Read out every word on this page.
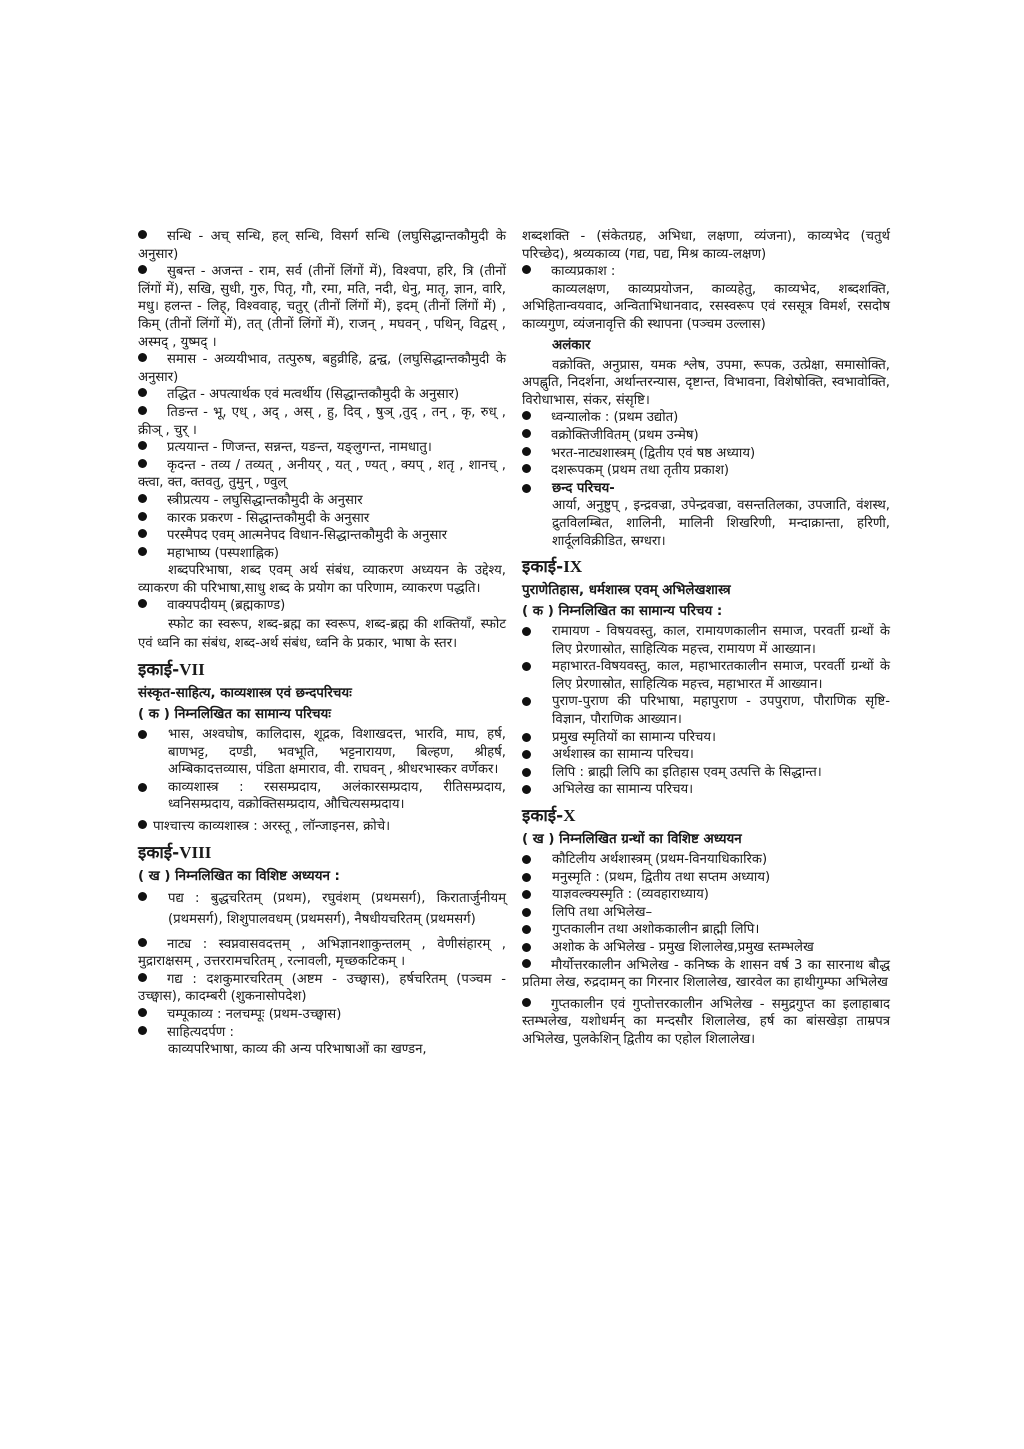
सन्धि - अच् सन्धि, हल् सन्धि, विसर्ग सन्धि (लघुसिद्धान्तकौमुदी के अनुसार)

सुबन्त - अजन्त - राम, सर्व (तीनों लिंगों में), विश्वपा, हरि, त्रि (तीनों लिंगों में), सखि, सुधी, गुरु, पितृ, गौ, रमा, मति, नदी, धेनु, मातृ, ज्ञान, वारि, मधु। हलन्त - लिह्, विश्ववाह्, चतुर् (तीनों लिंगों में), इदम् (तीनों लिंगों में) , किम् (तीनों लिंगों में), तत् (तीनों लिंगों में), राजन् , मघवन् , पथिन्, विद्वस् , अस्मद् , युष्मद् ।

समास - अव्ययीभाव, तत्पुरुष, बहुव्रीहि, द्वन्द्व, (लघुसिद्धान्तकौमुदी के अनुसार)

तद्धित - अपत्यार्थक एवं मत्वर्थीय (सिद्धान्तकौमुदी के अनुसार)

तिङन्त - भू, एध् , अद् , अस् , हु, दिव् , षुञ् ,तुद् , तन् , कृ, रुध् , क्रीञ् , चुर् ।

प्रत्ययान्त - णिजन्त, सन्नन्त, यङन्त, यङ्लुगन्त, नामधातु।

कृदन्त - तव्य / तव्यत् , अनीयर् , यत् , ण्यत् , क्यप् , शतृ , शानच् , क्त्वा, क्त, क्तवतु, तुमुन् , ण्वुल्

स्त्रीप्रत्यय - लघुसिद्धान्तकौमुदी के अनुसार

कारक प्रकरण - सिद्धान्तकौमुदी के अनुसार

परस्मैपद एवम् आत्मनेपद विधान-सिद्धान्तकौमुदी के अनुसार

महाभाष्य (पस्पशाह्निक)

शब्दपरिभाषा, शब्द एवम् अर्थ संबंध, व्याकरण अध्ययन के उद्देश्य, व्याकरण की परिभाषा,साधु शब्द के प्रयोग का परिणाम, व्याकरण पद्धति।

वाक्यपदीयम् (ब्रह्मकाण्ड)

स्फोट का स्वरूप, शब्द-ब्रह्म का स्वरूप, शब्द-ब्रह्म की शक्तियाँ, स्फोट एवं ध्वनि का संबंध, शब्द-अर्थ संबंध, ध्वनि के प्रकार, भाषा के स्तर।

इकाई-VII
संस्कृत-साहित्य, काव्यशास्त्र एवं छन्दपरिचयः
( क ) निम्नलिखित का सामान्य परिचयः

भास, अश्वघोष, कालिदास, शूद्रक, विशाखदत्त, भारवि, माघ, हर्ष, बाणभट्ट, दण्डी, भवभूति, भट्टनारायण, बिल्हण, श्रीहर्ष, अम्बिकादत्तव्यास, पंडिता क्षमाराव, वी. राघवन् , श्रीधरभास्कर वर्णेकर।

काव्यशास्त्र : रससम्प्रदाय, अलंकारसम्प्रदाय, रीतिसम्प्रदाय, ध्वनिसम्प्रदाय, वक्रोक्तिसम्प्रदाय, औचित्यसम्प्रदाय।

पाश्चात्त्य काव्यशास्त्र : अरस्तू , लॉन्जाइनस, क्रोचे।

इकाई-VIII
( ख ) निम्नलिखित का विशिष्ट अध्ययन :

पद्य : बुद्धचरितम् (प्रथम), रघुवंशम् (प्रथमसर्ग), किरातार्जुनीयम् (प्रथमसर्ग), शिशुपालवधम् (प्रथमसर्ग), नैषधीयचरितम् (प्रथमसर्ग)

नाट्य : स्वप्नवासवदत्तम् , अभिज्ञानशाकुन्तलम् , वेणीसंहारम् , मुद्राराक्षसम् , उत्तररामचरितम् , रत्नावली, मृच्छकटिकम् ।

गद्य : दशकुमारचरितम् (अष्टम - उच्छ्वास), हर्षचरितम् (पञ्चम - उच्छ्वास), कादम्बरी (शुकनासोपदेश)

चम्पूकाव्य : नलचम्पूः (प्रथम-उच्छ्वास)

साहित्यदर्पण :

काव्यपरिभाषा, काव्य की अन्य परिभाषाओं का खण्डन,

शब्दशक्ति - (संकेतग्रह, अभिधा, लक्षणा, व्यंजना), काव्यभेद (चतुर्थ परिच्छेद), श्रव्यकाव्य (गद्य, पद्य, मिश्र काव्य-लक्षण)

काव्यप्रकाश :

काव्यलक्षण, काव्यप्रयोजन, काव्यहेतु, काव्यभेद, शब्दशक्ति, अभिहितान्वयवाद, अन्विताभिधानवाद, रसस्वरूप एवं रससूत्र विमर्श, रसदोष काव्यगुण, व्यंजनावृत्ति की स्थापना (पञ्चम उल्लास)

अलंकार

वक्रोक्ति, अनुप्रास, यमक श्लेष, उपमा, रूपक, उत्प्रेक्षा, समासोक्ति, अपह्नुति, निदर्शना, अर्थान्तरन्यास, दृष्टान्त, विभावना, विशेषोक्ति, स्वभावोक्ति, विरोधाभास, संकर, संसृष्टि।

ध्वन्यालोक : (प्रथम उद्योत)

वक्रोक्तिजीवितम् (प्रथम उन्मेष)

भरत-नाट्यशास्त्रम् (द्वितीय एवं षष्ठ अध्याय)

दशरूपकम् (प्रथम तथा तृतीय प्रकाश)

छन्द परिचय-

आर्या, अनुष्टुप् , इन्द्रवज्रा, उपेन्द्रवज्रा, वसन्ततिलका, उपजाति, वंशस्थ, द्रुतविलम्बित, शालिनी, मालिनी शिखरिणी, मन्दाक्रान्ता, हरिणी, शार्दूलविक्रीडित, स्रग्धरा।

इकाई-IX
पुराणेतिहास, धर्मशास्त्र एवम् अभिलेखशास्त्र
( क ) निम्नलिखित का सामान्य परिचय :

रामायण - विषयवस्तु, काल, रामायणकालीन समाज, परवर्ती ग्रन्थों के लिए प्रेरणास्रोत, साहित्यिक महत्त्व, रामायण में आख्यान।

महाभारत-विषयवस्तु, काल, महाभारतकालीन समाज, परवर्ती ग्रन्थों के लिए प्रेरणास्रोत, साहित्यिक महत्त्व, महाभारत में आख्यान।

पुराण-पुराण की परिभाषा, महापुराण - उपपुराण, पौराणिक सृष्टि-विज्ञान, पौराणिक आख्यान।

प्रमुख स्मृतियों का सामान्य परिचय।

अर्थशास्त्र का सामान्य परिचय।

लिपि : ब्राह्मी लिपि का इतिहास एवम् उत्पत्ति के सिद्धान्त।

अभिलेख का सामान्य परिचय।

इकाई-X
( ख ) निम्नलिखित ग्रन्थों का विशिष्ट अध्ययन

कौटिलीय अर्थशास्त्रम् (प्रथम-विनयाधिकारिक)

मनुस्मृति : (प्रथम, द्वितीय तथा सप्तम अध्याय)

याज्ञवल्क्यस्मृति : (व्यवहाराध्याय)

लिपि तथा अभिलेख–

गुप्तकालीन तथा अशोककालीन ब्राह्मी लिपि।

अशोक के अभिलेख - प्रमुख शिलालेख,प्रमुख स्तम्भलेख

मौर्योत्तरकालीन अभिलेख - कनिष्क के शासन वर्ष 3 का सारनाथ बौद्ध प्रतिमा लेख, रुद्रदामन् का गिरनार शिलालेख, खारवेल का हाथीगुम्फा अभिलेख

गुप्तकालीन एवं गुप्तोत्तरकालीन अभिलेख - समुद्रगुप्त का इलाहाबाद स्तम्भलेख, यशोधर्मन् का मन्दसौर शिलालेख, हर्ष का बांसखेड़ा ताम्रपत्र अभिलेख, पुलकेशिन् द्वितीय का एहोल शिलालेख।
